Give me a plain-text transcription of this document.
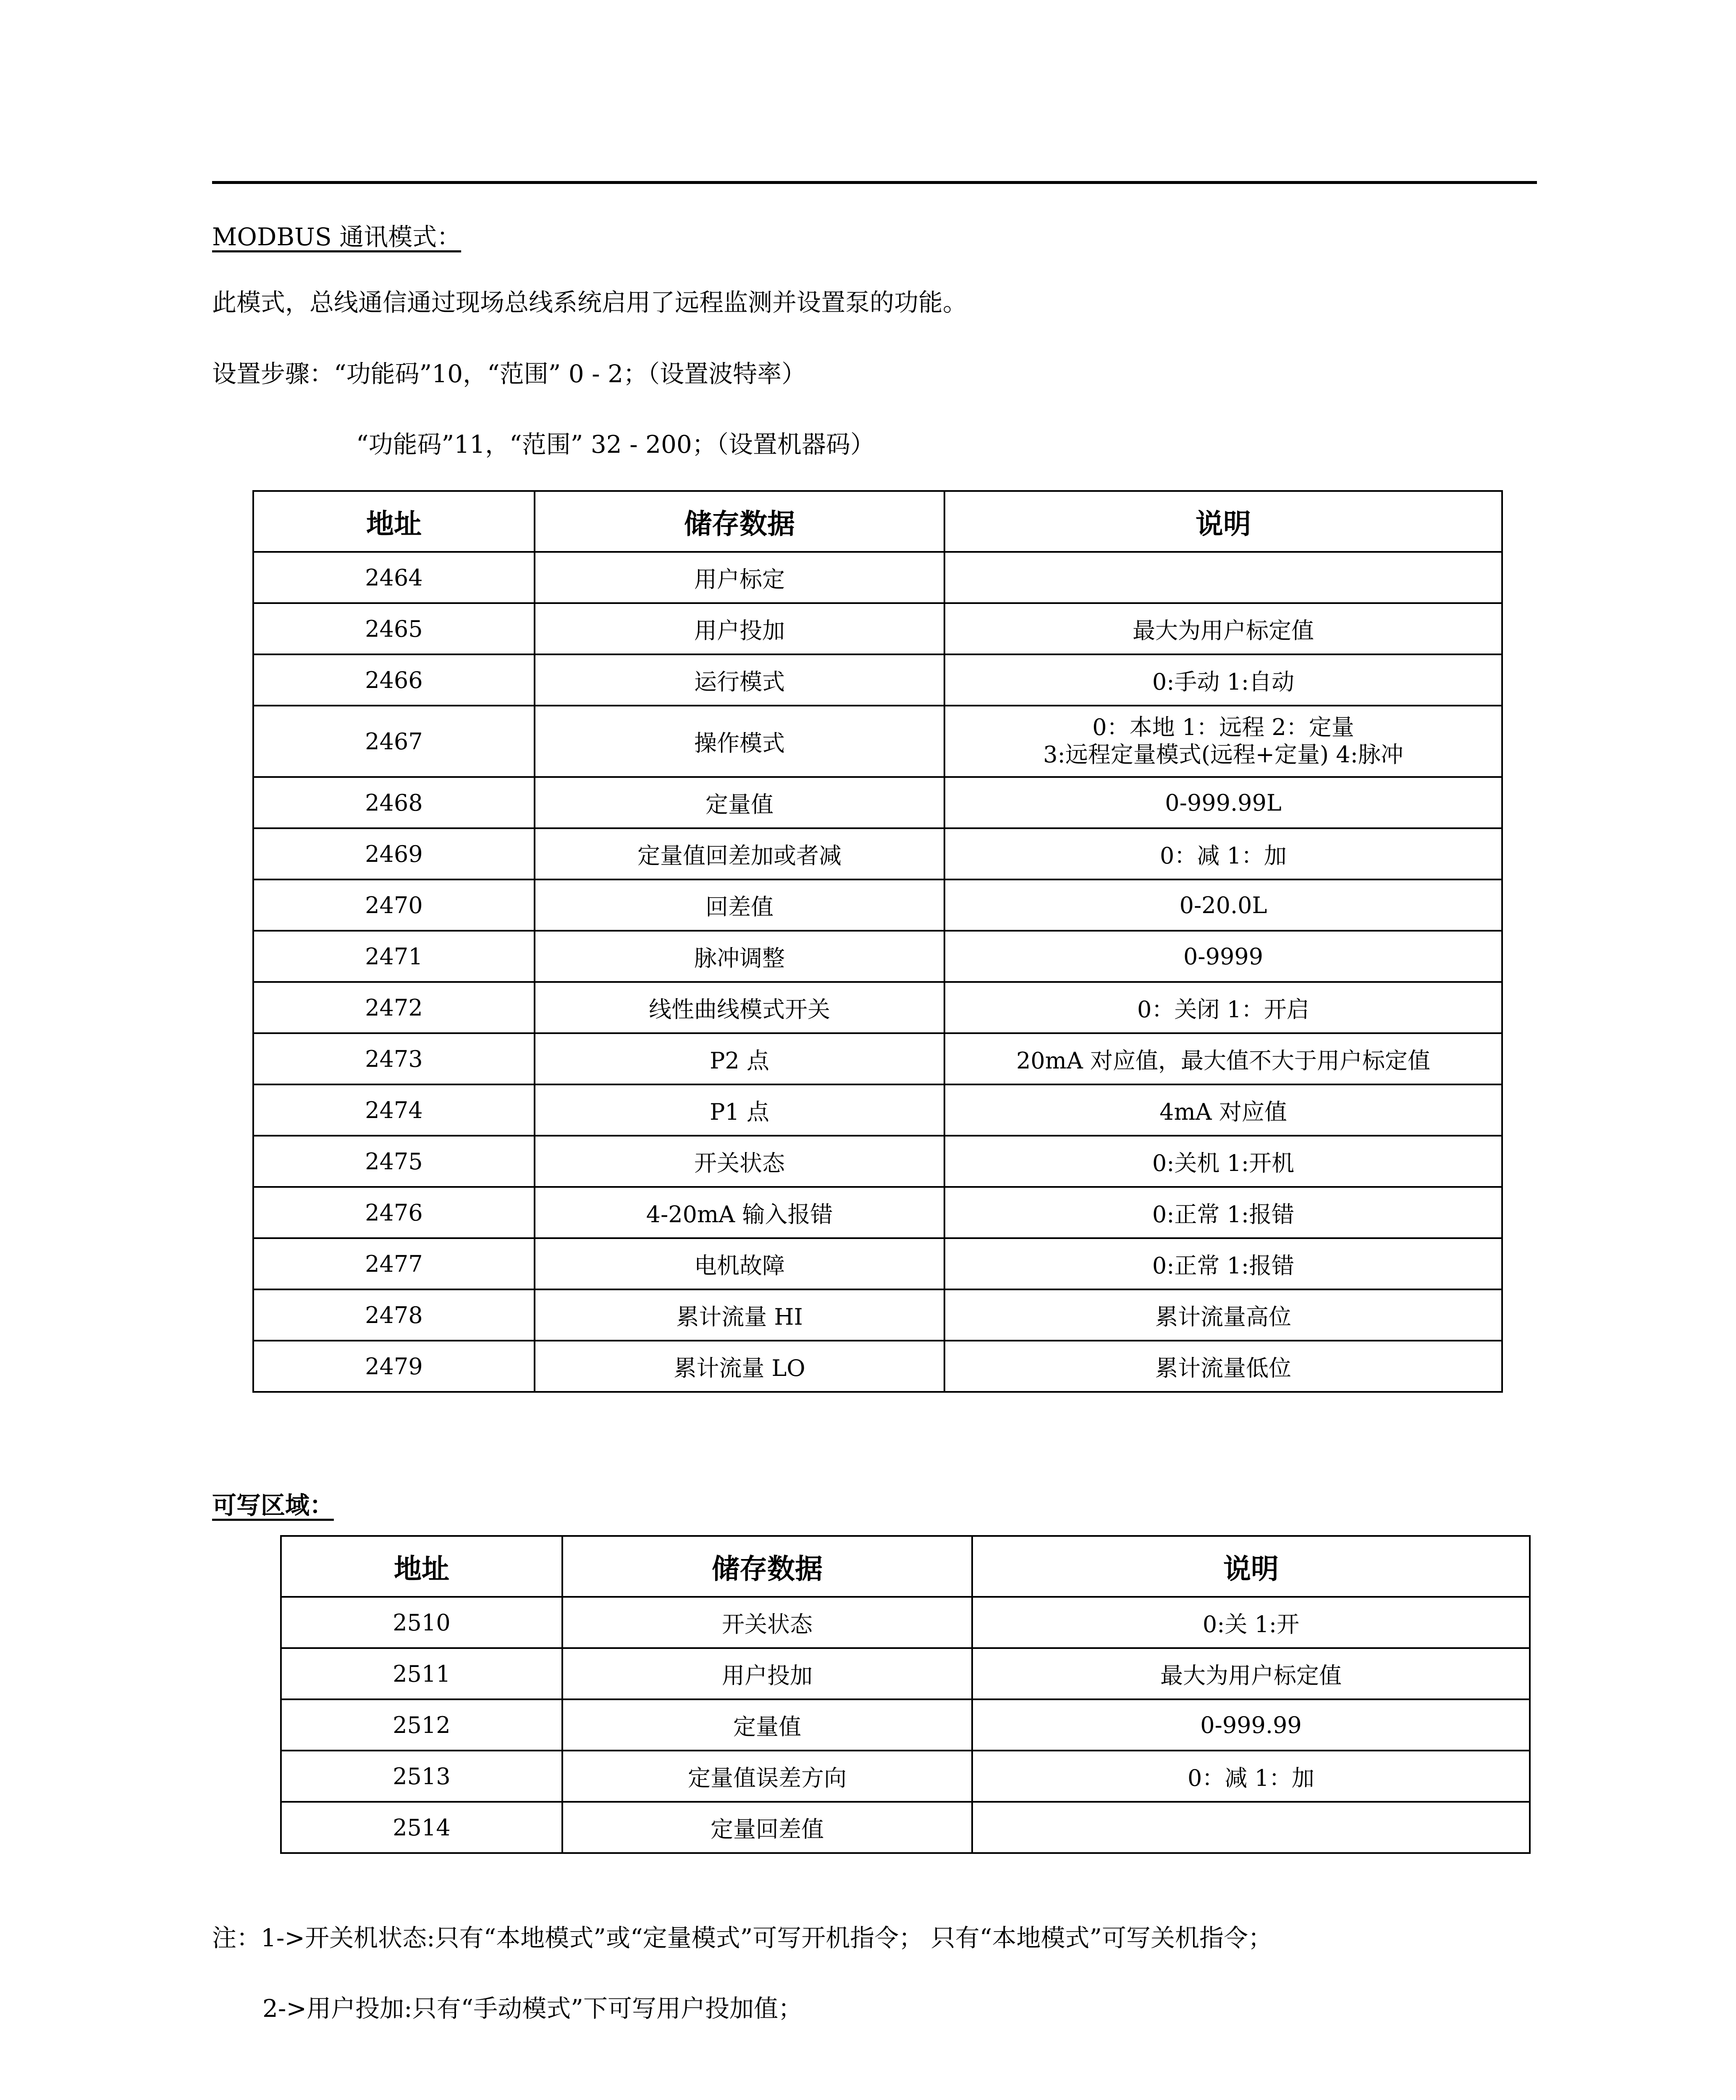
MODBUS 通讯模式：
此模式，总线通信通过现场总线系统启用了远程监测并设置泵的功能。
设置步骤：“功能码”10，“范围” 0 - 2；（设置波特率）
“功能码”11，“范围” 32 - 200；（设置机器码）
地址	储存数据	说明
2464	用户标定	
2465	用户投加	最大为用户标定值
2466	运行模式	0:手动 1:自动
2467	操作模式	0：本地 1：远程 2：定量
3:远程定量模式(远程+定量) 4:脉冲

2468	定量值	0-999.99L
2469	定量值回差加或者减	0：减 1：加
2470	回差值	0-20.0L
2471	脉冲调整	0-9999
2472	线性曲线模式开关	0：关闭 1：开启
2473	P2 点	20mA 对应值，最大值不大于用户标定值
2474	P1 点	4mA 对应值
2475	开关状态	0:关机 1:开机
2476	4-20mA 输入报错	0:正常 1:报错
2477	电机故障	0:正常 1:报错
2478	累计流量 HI	累计流量高位
2479	累计流量 LO	累计流量低位
可写区域：
地址	储存数据	说明
2510	开关状态	0:关 1:开
2511	用户投加	最大为用户标定值
2512	定量值	0-999.99
2513	定量值误差方向	0：减 1：加
2514	定量回差值	
注：1->开关机状态:只有“本地模式”或“定量模式”可写开机指令； 只有“本地模式”可写关机指令；
2->用户投加:只有“手动模式”下可写用户投加值；
